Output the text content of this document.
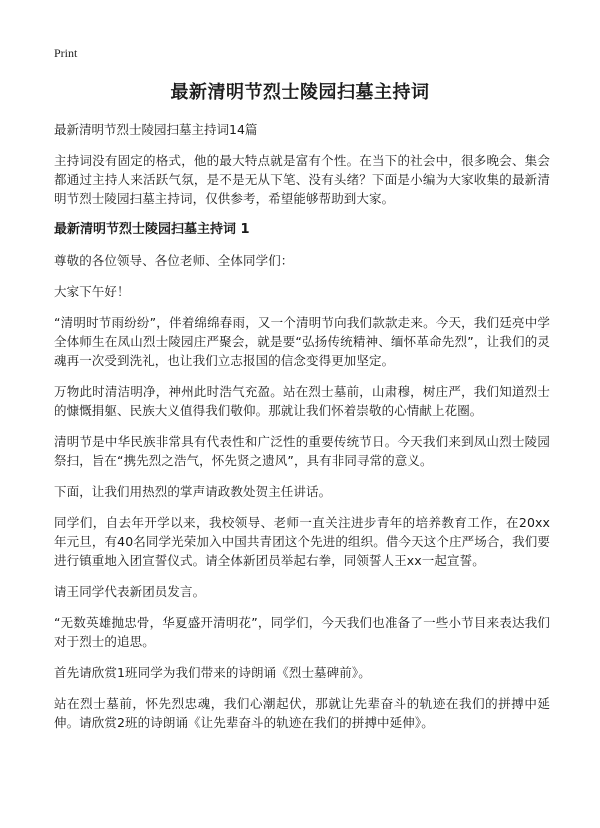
Print
最新清明节烈士陵园扫墓主持词

最新清明节烈士陵园扫墓主持词14篇

主持词没有固定的格式，他的最大特点就是富有个性。在当下的社会中，很多晚会、集会都通过主持人来活跃气氛，是不是无从下笔、没有头绪？下面是小编为大家收集的最新清明节烈士陵园扫墓主持词，仅供参考，希望能够帮助到大家。

最新清明节烈士陵园扫墓主持词 1

尊敬的各位领导、各位老师、全体同学们：

大家下午好！

“清明时节雨纷纷”，伴着绵绵春雨，又一个清明节向我们款款走来。今天，我们廷亮中学全体师生在凤山烈士陵园庄严聚会，就是要“弘扬传统精神、缅怀革命先烈”，让我们的灵魂再一次受到洗礼，也让我们立志报国的信念变得更加坚定。

万物此时清洁明净，神州此时浩气充盈。站在烈士墓前，山肃穆，树庄严，我们知道烈士的慷慨捐躯、民族大义值得我们敬仰。那就让我们怀着崇敬的心情献上花圈。

清明节是中华民族非常具有代表性和广泛性的重要传统节日。今天我们来到凤山烈士陵园祭扫，旨在“携先烈之浩气，怀先贤之遗风”，具有非同寻常的意义。

下面，让我们用热烈的掌声请政教处贺主任讲话。

同学们，自去年开学以来，我校领导、老师一直关注进步青年的培养教育工作，在20xx年元旦，有40名同学光荣加入中国共青团这个先进的组织。借今天这个庄严场合，我们要进行镇重地入团宣誓仪式。请全体新团员举起右拳，同领誓人王xx一起宣誓。

请王同学代表新团员发言。

“无数英雄抛忠骨，华夏盛开清明花”，同学们，今天我们也准备了一些小节目来表达我们对于烈士的追思。

首先请欣赏1班同学为我们带来的诗朗诵《烈士墓碑前》。

站在烈士墓前，怀先烈忠魂，我们心潮起伏，那就让先辈奋斗的轨迹在我们的拼搏中延伸。请欣赏2班的诗朗诵《让先辈奋斗的轨迹在我们的拼搏中延伸》。
